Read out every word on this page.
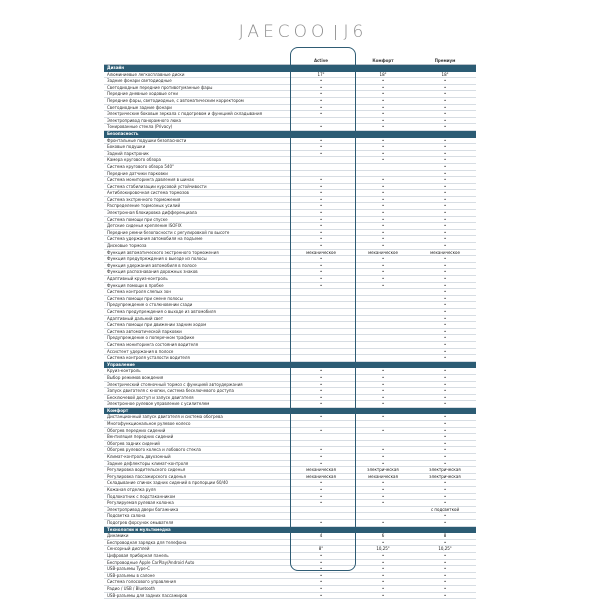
JAECOO J6
	Active	Комфорт	Премиум
Дизайн			
Алюминиевые легкосплавные диски	17"	18"	18"
Задние фонари светодиодные	•	•	•
Светодиодные передние противотуманные фары	•	•	•
Передние дневные ходовые огни	•	•	•
Передние фары, светодиодные, с автоматическим корректором	•	•	•
Светодиодные задние фонари	•	•	•
Электрические боковые зеркала с подогревом и функцией складывания	•	•	•
Электропривод панорамного люка		•	•
Тонированные стекла (Privacy)	•	•	•
Безопасность			
Фронтальные подушки безопасности	•	•	•
Боковые подушки	•	•	•
Задний парктроник	•	•	•
Камера кругового обзора		•	•
Система кругового обзора 540°			•
Передние датчики парковки			•
Система мониторинга давления в шинах	•	•	•
Система стабилизации курсовой устойчивости	•	•	•
Антиблокировочная система тормозов	•	•	•
Система экстренного торможения	•	•	•
Распределение тормозных усилий	•	•	•
Электронная блокировка дифференциала	•	•	•
Система помощи при спуске	•	•	•
Детские сиденья крепление ISOFIX	•	•	•
Передние ремни безопасности с регулировкой по высоте	•	•	•
Система удержания автомобиля на подъеме	•	•	•
Дисковые тормоза	•	•	•
Функция автоматического экстренного торможения	механическое	механическое	механическое
Функция предупреждения о выезде из полосы	•	•	•
Функция удержания автомобиля в полосе	•	•	•
Функция распознавания дорожных знаков	•	•	•
Адаптивный круиз-контроль	•	•	•
Функция помощи в пробке	•	•	•
Система контроля слепых зон			•
Система помощи при смене полосы			•
Предупреждение о столкновении сзади			•
Система предупреждения о выходе из автомобиля			•
Адаптивный дальний свет			•
Система помощи при движении задним ходом			•
Система автоматической парковки			•
Предупреждение о поперечном трафике			•
Система мониторинга состояния водителя			•
Ассистент удержания в полосе			•
Система контроля усталости водителя			•
Управление			
Круиз-контроль	•	•	•
Выбор режимов вождения	•	•	•
Электрический стояночный тормоз с функцией автоудержания	•	•	•
Запуск двигателя с кнопки, система бесключевого доступа	•	•	•
Бесключевой доступ и запуск двигателя	•	•	•
Электронное рулевое управление с усилителем	•	•	•
Комфорт			
Дистанционный запуск двигателя и система обогрева	•	•	•
Многофункциональное рулевое колесо			•
Обогрев передних сидений	•	•	•
Вентиляция передних сидений			•
Обогрев задних сидений			•
Обогрев рулевого колеса и лобового стекла	•	•	•
Климат-контроль двухзонный	•	•	•
Задние дефлекторы климат-контроля	•	•	•
Регулировка водительского сиденья	механическая	электрическая	электрическая
Регулировка пассажирского сиденья	механическая	механическая	электрическая
Складывание спинок задних сидений в пропорции 60/40	•	•	•
Кожаная отделка руля	•	•	•
Подлокотник с подстаканником	•	•	•
Регулируемая рулевая колонка	•	•	•
Электропривод двери багажника			с подсветкой
Подсветка салона			•
Подогрев форсунок омывателя	•	•	•
Технологии и мультимедиа			
Динамики	4	6	8
Беспроводная зарядка для телефона		•	•
Сенсорный дисплей	8"	10,25"	10,25"
Цифровая приборная панель	•	•	•
Беспроводные Apple CarPlay/Android Auto	•	•	•
USB-разъемы Type-C	•	•	•
USB-разъемы в салоне	•	•	•
Система голосового управления	•	•	•
Радио / USB / Bluetooth	•	•	•
USB-разъемы для задних пассажиров	•	•	•
